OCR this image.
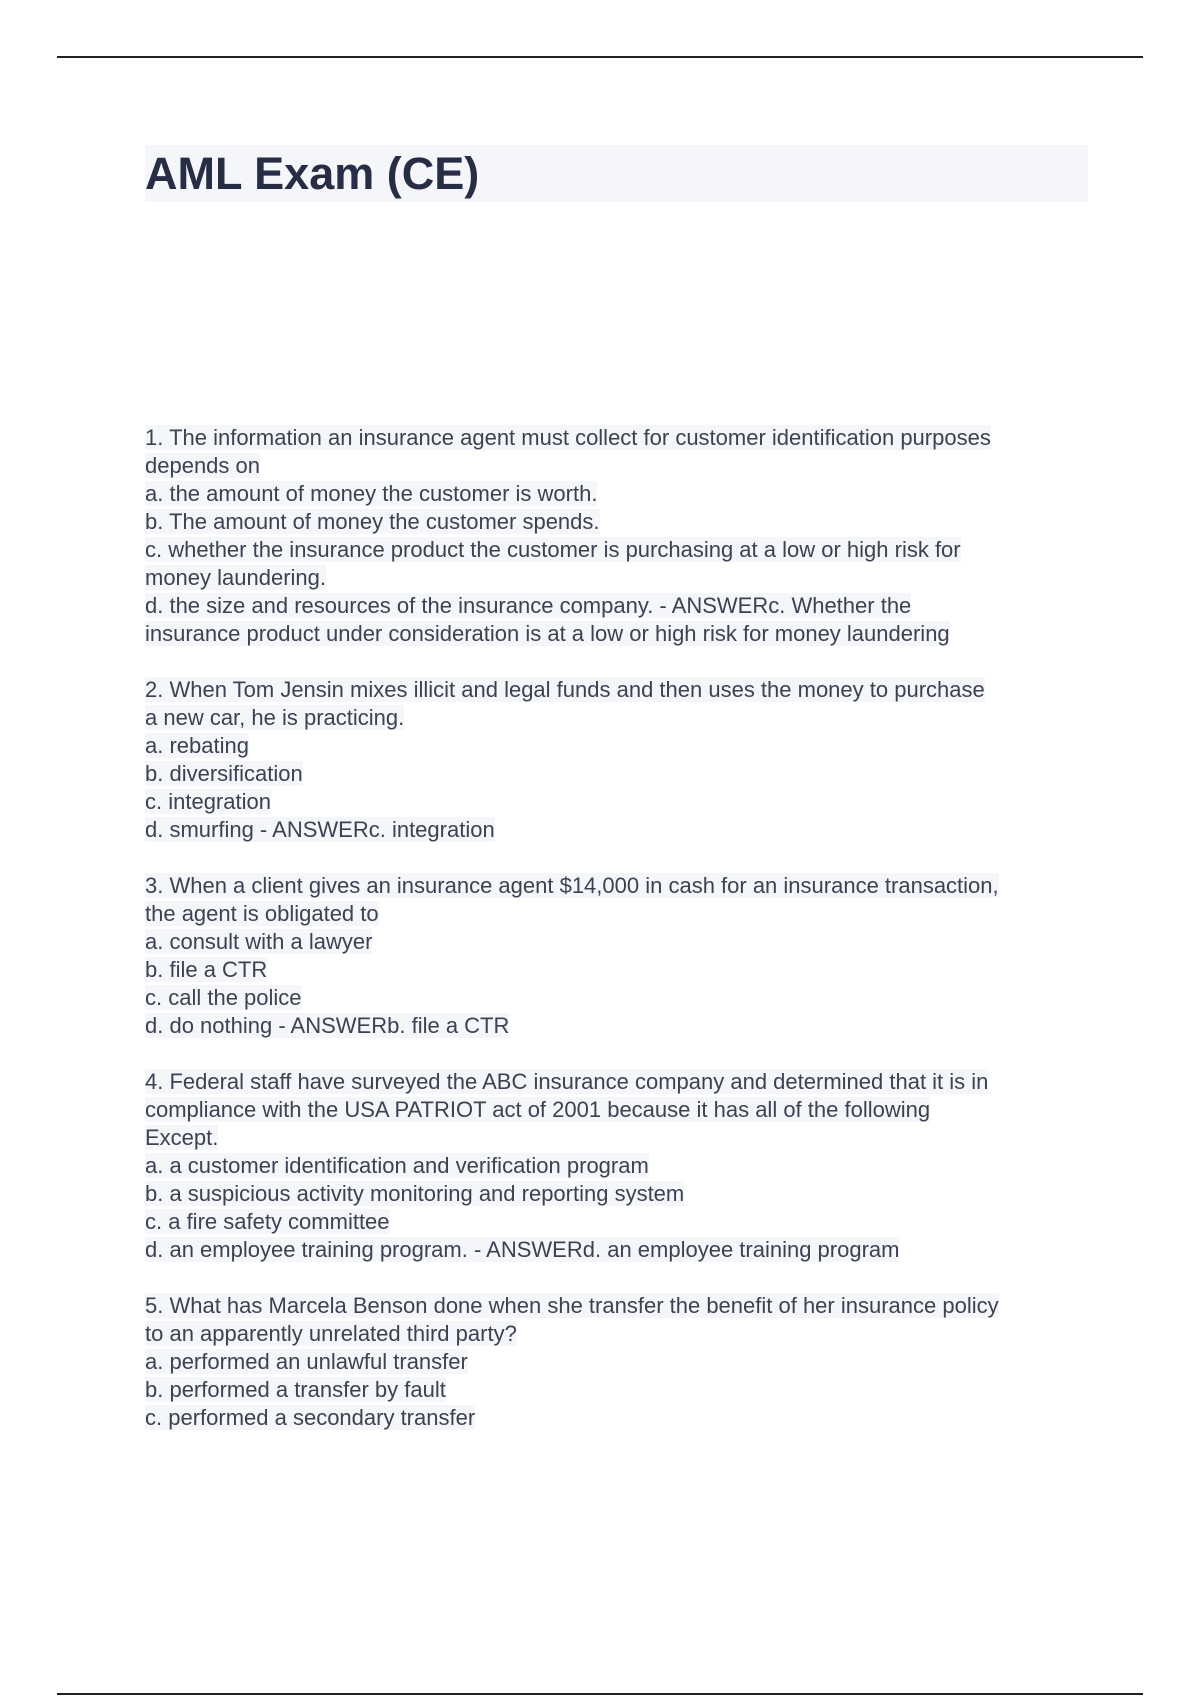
AML Exam (CE)
1. The information an insurance agent must collect for customer identification purposes
depends on
a. the amount of money the customer is worth.
b. The amount of money the customer spends.
c. whether the insurance product the customer is purchasing at a low or high risk for
money laundering.
d. the size and resources of the insurance company. - ANSWERc. Whether the
insurance product under consideration is at a low or high risk for money laundering
2. When Tom Jensin mixes illicit and legal funds and then uses the money to purchase
a new car, he is practicing.
a. rebating
b. diversification
c. integration
d. smurfing - ANSWERc. integration
3. When a client gives an insurance agent $14,000 in cash for an insurance transaction,
the agent is obligated to
a. consult with a lawyer
b. file a CTR
c. call the police
d. do nothing - ANSWERb. file a CTR
4. Federal staff have surveyed the ABC insurance company and determined that it is in
compliance with the USA PATRIOT act of 2001 because it has all of the following
Except.
a. a customer identification and verification program
b. a suspicious activity monitoring and reporting system
c. a fire safety committee
d. an employee training program. - ANSWERd. an employee training program
5. What has Marcela Benson done when she transfer the benefit of her insurance policy
to an apparently unrelated third party?
a. performed an unlawful transfer
b. performed a transfer by fault
c. performed a secondary transfer
